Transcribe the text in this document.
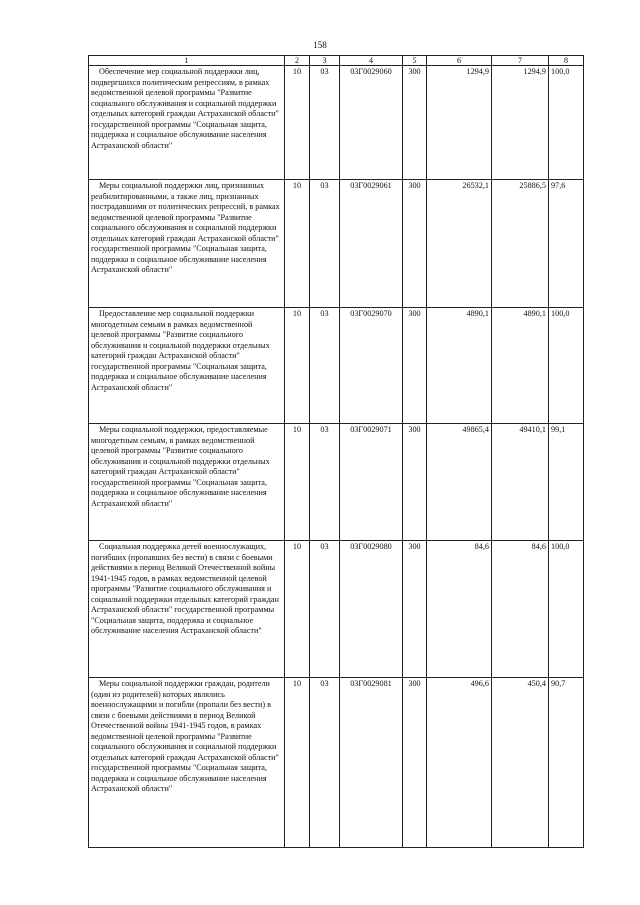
158
1	2	3	4	5	6	7	8
Обеспечение мер социальной поддержки лиц, подвергшихся политическим репрессиям, в рамках ведомственной целевой программы "Развитие социального обслуживания и социальной поддержки отдельных категорий граждан Астраханской области" государственной программы "Социальная защита, поддержка и социальное обслуживание населения Астраханской области"	10	03	03Г0029060	300	1294,9	1294,9	100,0
Меры социальной поддержки лиц, признанных реабилитированными, а также лиц, признанных пострадавшими от политических репрессий, в рамках ведомственной целевой программы "Развитие социального обслуживания и социальной поддержки отдельных категорий граждан Астраханской области" государственной программы "Социальная защита, поддержка и социальное обслуживание населения Астраханской области"	10	03	03Г0029061	300	26532,1	25886,5	97,6
Предоставление мер социальной поддержки многодетным семьям в рамках ведомственной целевой программы "Развитие социального обслуживания и социальной поддержки отдельных категорий граждан Астраханской области" государственной программы "Социальная защита, поддержка и социальное обслуживание населения Астраханской области"	10	03	03Г0029070	300	4890,1	4890,1	100,0
Меры социальной поддержки, предоставляемые многодетным семьям, в рамках ведомственной целевой программы "Развитие социального обслуживания и социальной поддержки отдельных категорий граждан Астраханской области" государственной программы "Социальная защита, поддержка и социальное обслуживание населения Астраханской области"	10	03	03Г0029071	300	49865,4	49410,1	99,1
Социальная поддержка детей военнослужащих, погибших (пропавших без вести) в связи с боевыми действиями в период Великой Отечественной войны 1941-1945 годов, в рамках ведомственной целевой программы "Развитие социального обслуживания и социальной поддержки отдельных категорий граждан Астраханской области" государственной программы "Социальная защита, поддержка и социальное обслуживание населения Астраханской области"	10	03	03Г0029080	300	84,6	84,6	100,0
Меры социальной поддержки граждан, родители (один из родителей) которых являлись военнослужащими и погибли (пропали без вести) в связи с боевыми действиями в период Великой Отечественной войны 1941-1945 годов, в рамках ведомственной целевой программы "Развитие социального обслуживания и социальной поддержки отдельных категорий граждан Астраханской области" государственной программы "Социальная защита, поддержка и социальное обслуживание населения Астраханской области"	10	03	03Г0029081	300	496,6	450,4	90,7
